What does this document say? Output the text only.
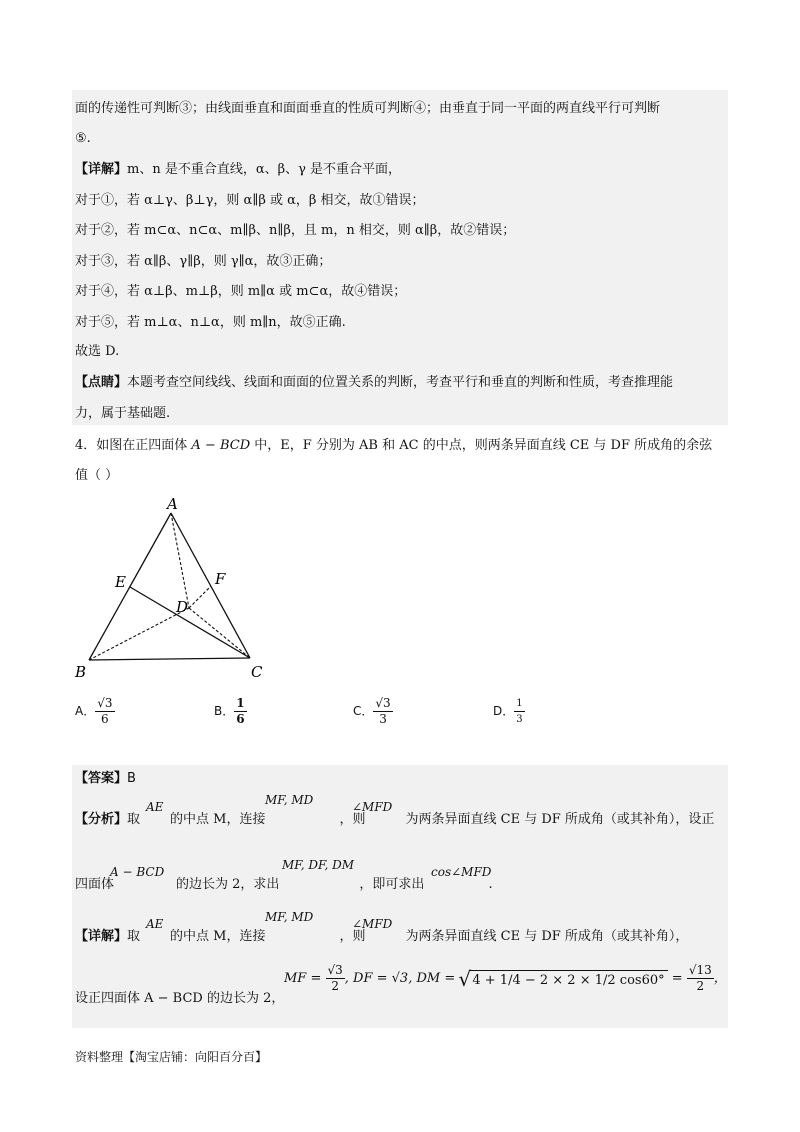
面的传递性可判断③；由线面垂直和面面垂直的性质可判断④；由垂直于同一平面的两直线平行可判断
⑤.
【详解】m、n 是不重合直线，α、β、γ 是不重合平面，
对于①，若 α⊥γ、β⊥γ，则 α∥β 或 α，β 相交，故①错误；
对于②，若 m⊂α、n⊂α、m∥β、n∥β，且 m，n 相交，则 α∥β，故②错误；
对于③，若 α∥β、γ∥β，则 γ∥α，故③正确；
对于④，若 α⊥β、m⊥β，则 m∥α 或 m⊂α，故④错误；
对于⑤，若 m⊥α、n⊥α，则 m∥n，故⑤正确.
故选 D.
【点睛】本题考查空间线线、线面和面面的位置关系的判断，考查平行和垂直的判断和性质，考查推理能
力，属于基础题.
4．如图在正四面体 A − BCD 中，E，F 分别为 AB 和 AC 的中点，则两条异面直线 CE 与 DF 所成角的余弦
值（ ）
A
B	C
D
E	F
A． $\frac{√3}{6}$	B． $\frac{1}{6}$	C． $\frac{√3}{3}$	D． $\frac{1}{3}$
【答案】B
【分析】取 的中点 M，连接	，则	为两条异面直线 CE 与 DF 所成角（或其补角），设正
AE	MF, MD	∠MFD
四面体	的边长为 2，求出	，即可求出	.
A − BCD	MF, DF, DM	cos∠MFD
【详解】取 的中点 M，连接	，则	为两条异面直线 CE 与 DF 所成角（或其补角），
AE	MF, MD	∠MFD
设正四面体 A − BCD 的边长为 2，
MF = $\frac{√3}{2}$ , DF = √3, DM = √ 4 + 1/4 − 2 × 2 × 1/2 $\cos 60^\circ = \frac{√13}{2}$ ，
资料整理【淘宝店铺：向阳百分百】
